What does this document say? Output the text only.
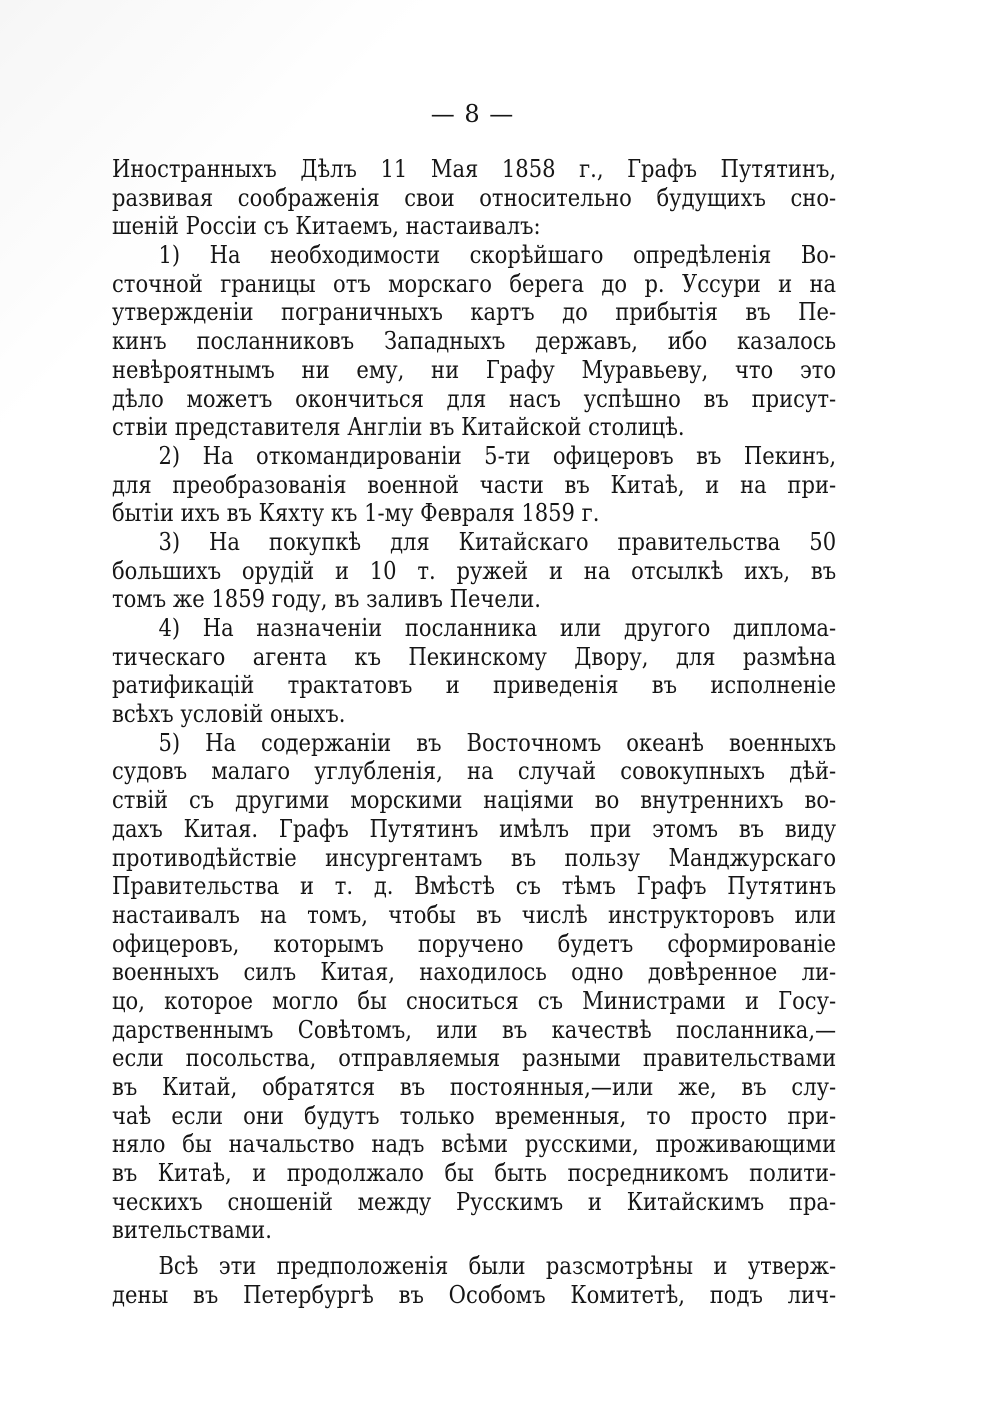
— 8 —
Иностранныхъ Дѣлъ 11 Мая 1858 г., Графъ Путятинъ,
развивая соображенія свои относительно будущихъ сно-
шеній Россіи съ Китаемъ, настаивалъ:
1) На необходимости скорѣйшаго опредѣленія Во-
сточной границы отъ морскаго берега до р. Уссури и на
утвержденіи пограничныхъ картъ до прибытія въ Пе-
кинъ посланниковъ Западныхъ державъ, ибо казалось
невѣроятнымъ ни ему, ни Графу Муравьеву, что это
дѣло можетъ окончиться для насъ успѣшно въ присут-
ствіи представителя Англіи въ Китайской столицѣ.
2) На откомандированіи 5-ти офицеровъ въ Пекинъ,
для преобразованія военной части въ Китаѣ, и на при-
бытіи ихъ въ Кяхту къ 1-му Февраля 1859 г.
3) На покупкѣ для Китайскаго правительства 50
большихъ орудій и 10 т. ружей и на отсылкѣ ихъ, въ
томъ же 1859 году, въ заливъ Печели.
4) На назначеніи посланника или другого диплома-
тическаго агента къ Пекинскому Двору, для размѣна
ратификацій трактатовъ и приведенія въ исполненіе
всѣхъ условій оныхъ.
5) На содержаніи въ Восточномъ океанѣ военныхъ
судовъ малаго углубленія, на случай совокупныхъ дѣй-
ствій съ другими морскими націями во внутреннихъ во-
дахъ Китая. Графъ Путятинъ имѣлъ при этомъ въ виду
противодѣйствіе инсургентамъ въ пользу Манджурскаго
Правительства и т. д. Вмѣстѣ съ тѣмъ Графъ Путятинъ
настаивалъ на томъ, чтобы въ числѣ инструкторовъ или
офицеровъ, которымъ поручено будетъ сформированіе
военныхъ силъ Китая, находилось одно довѣренное ли-
цо, которое могло бы сноситься съ Министрами и Госу-
дарственнымъ Совѣтомъ, или въ качествѣ посланника,—
если посольства, отправляемыя разными правительствами
въ Китай, обратятся въ постоянныя,—или же, въ слу-
чаѣ если они будутъ только временныя, то просто при-
няло бы начальство надъ всѣми русскими, проживающими
въ Китаѣ, и продолжало бы быть посредникомъ полити-
ческихъ сношеній между Русскимъ и Китайскимъ пра-
вительствами.
Всѣ эти предположенія были разсмотрѣны и утверж-
дены въ Петербургѣ въ Особомъ Комитетѣ, подъ лич-
